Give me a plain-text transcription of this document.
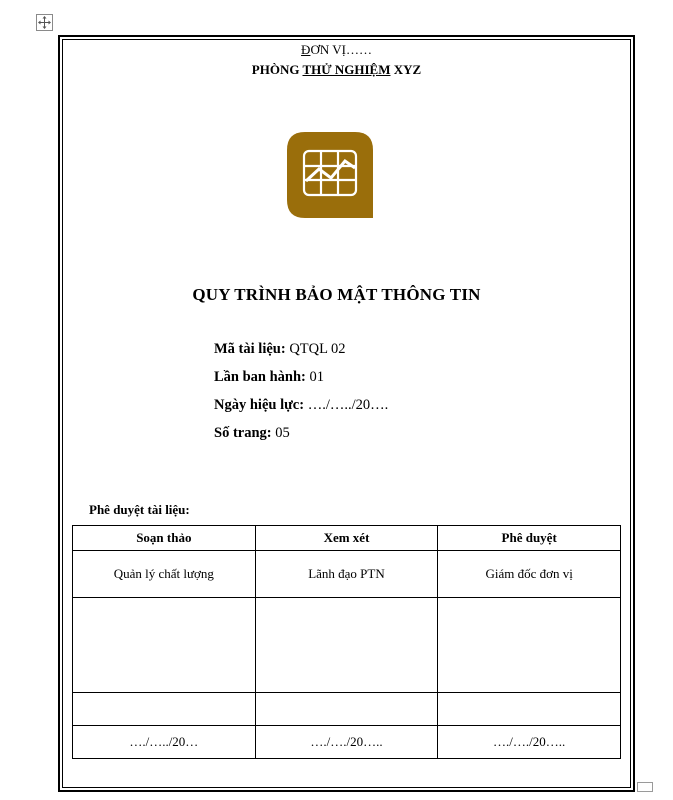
ĐƠN VỊ……
PHÒNG THỬ NGHIỆM XYZ
QUY TRÌNH BẢO MẬT THÔNG TIN
Mã tài liệu: QTQL 02
Lần ban hành: 01
Ngày hiệu lực: …./…../20….
Số trang: 05
Phê duyệt tài liệu:
Soạn thảo	Xem xét	Phê duyệt
Quản lý chất lượng	Lãnh đạo PTN	Giám đốc đơn vị

…./…../20…	…./…./20…..	…./…./20…..
